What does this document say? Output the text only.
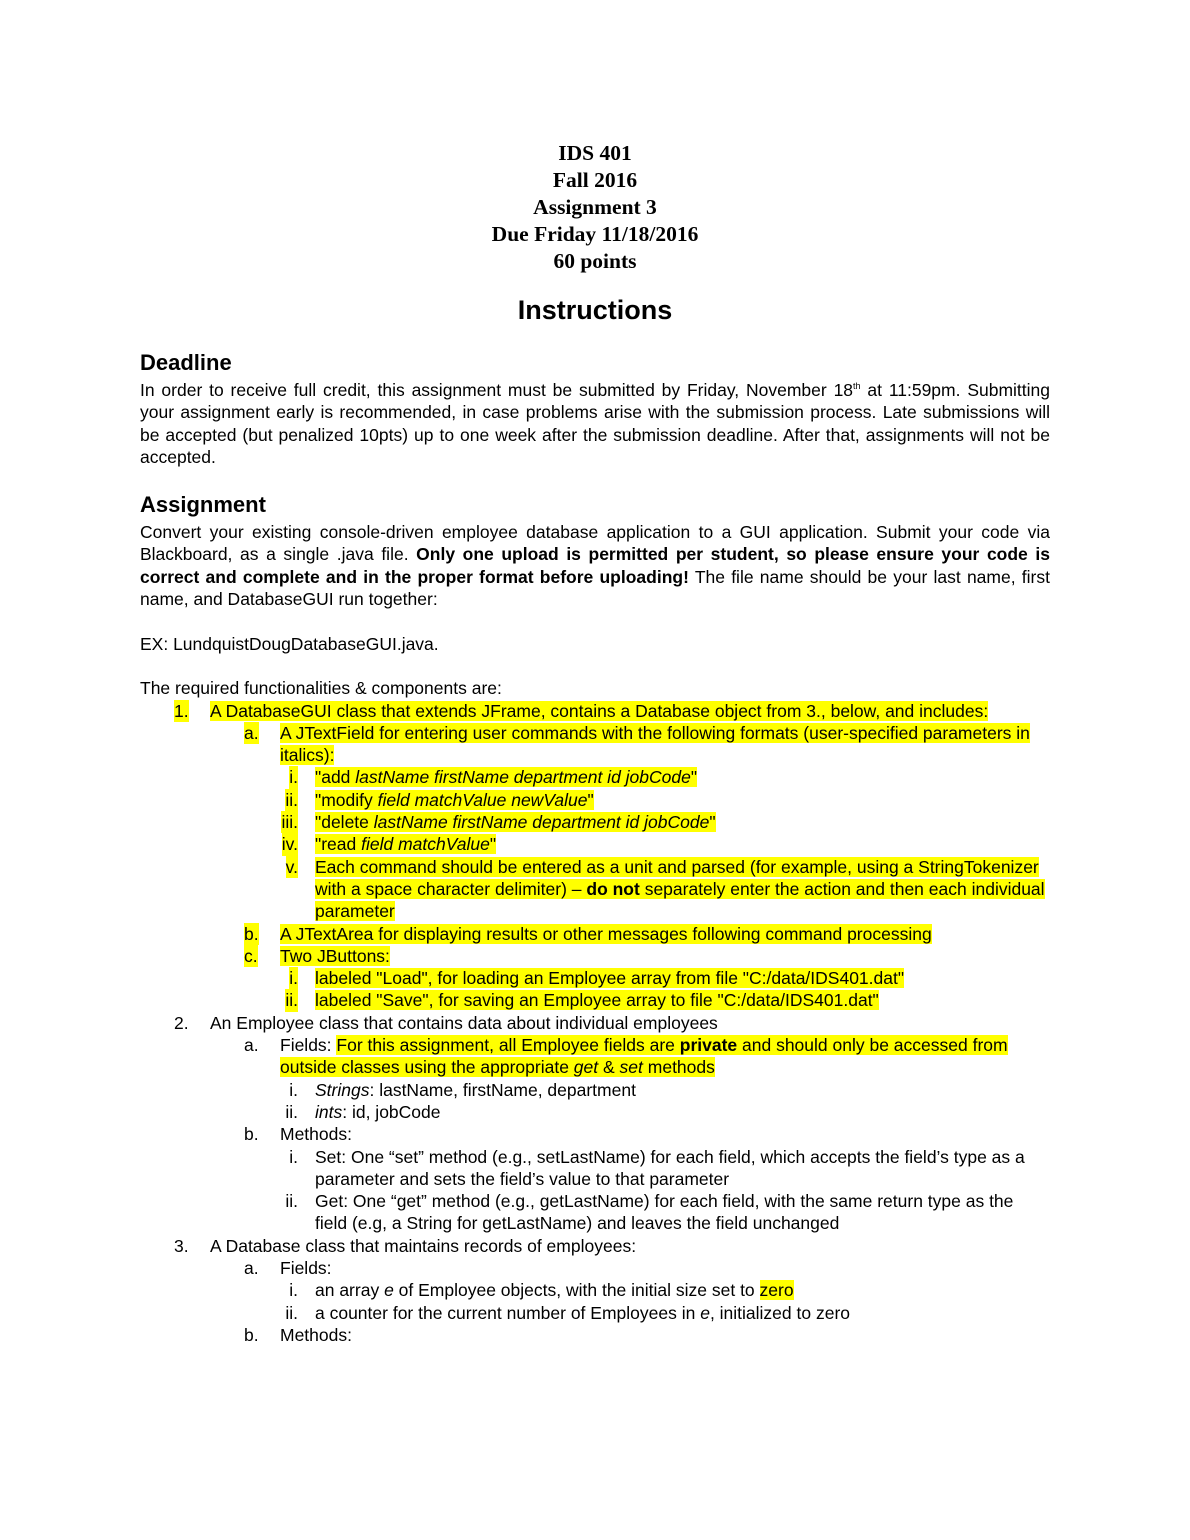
IDS 401
Fall 2016
Assignment 3
Due Friday 11/18/2016
60 points
Instructions
Deadline

In order to receive full credit, this assignment must be submitted by Friday, November 18th at 11:59pm. Submitting your assignment early is recommended, in case problems arise with the submission process. Late submissions will be accepted (but penalized 10pts) up to one week after the submission deadline. After that, assignments will not be accepted.

Assignment

Convert your existing console-driven employee database application to a GUI application. Submit your code via Blackboard, as a single .java file. Only one upload is permitted per student, so please ensure your code is correct and complete and in the proper format before uploading! The file name should be your last name, first name, and DatabaseGUI run together:

EX: LundquistDougDatabaseGUI.java.

The required functionalities & components are:

1. A DatabaseGUI class that extends JFrame, contains a Database object from 3., below, and includes:
a. A JTextField for entering user commands with the following formats (user-specified parameters in italics):
i. "add lastName firstName department id jobCode"
ii. "modify field matchValue newValue"
iii. "delete lastName firstName department id jobCode"
iv. "read field matchValue"
v. Each command should be entered as a unit and parsed (for example, using a StringTokenizer with a space character delimiter) – do not separately enter the action and then each individual parameter
b. A JTextArea for displaying results or other messages following command processing
c. Two JButtons:
i. labeled "Load", for loading an Employee array from file "C:/data/IDS401.dat"
ii. labeled "Save", for saving an Employee array to file "C:/data/IDS401.dat"
2. An Employee class that contains data about individual employees
a. Fields: For this assignment, all Employee fields are private and should only be accessed from outside classes using the appropriate get & set methods
i. Strings: lastName, firstName, department
ii. ints: id, jobCode
b. Methods:
i. Set: One “set” method (e.g., setLastName) for each field, which accepts the field’s type as a parameter and sets the field’s value to that parameter
ii. Get: One “get” method (e.g., getLastName) for each field, with the same return type as the field (e.g, a String for getLastName) and leaves the field unchanged
3. A Database class that maintains records of employees:
a. Fields:
i. an array e of Employee objects, with the initial size set to zero
ii. a counter for the current number of Employees in e, initialized to zero
b. Methods:
